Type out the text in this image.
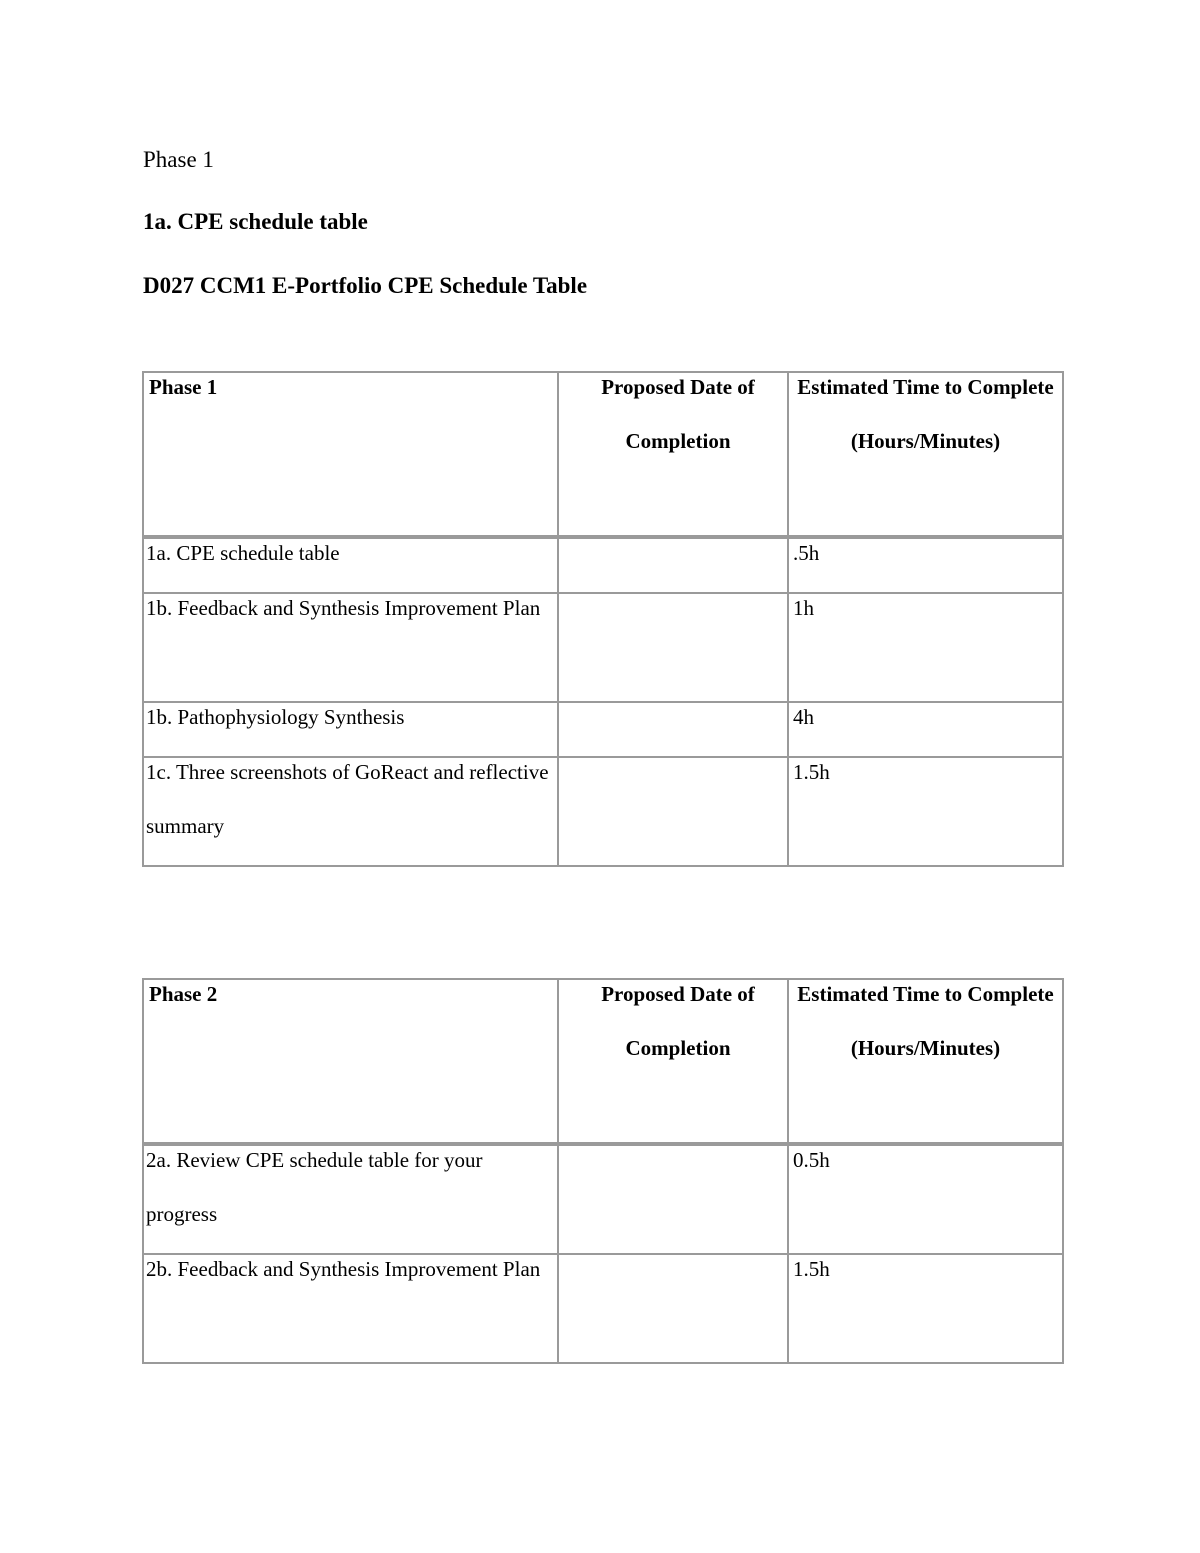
Phase 1
1a. CPE schedule table
D027 CCM1 E-Portfolio CPE Schedule Table
Phase 1	Proposed Date of Completion	Estimated Time to Complete (Hours/Minutes)

1a. CPE schedule table		.5h

1b. Feedback and Synthesis Improvement Plan		1h

1b. Pathophysiology Synthesis		4h

1c. Three screenshots of GoReact and reflective summary		1.5h
Phase 2	Proposed Date of Completion	Estimated Time to Complete (Hours/Minutes)

2a. Review CPE schedule table for your progress		0.5h

2b. Feedback and Synthesis Improvement Plan		1.5h
